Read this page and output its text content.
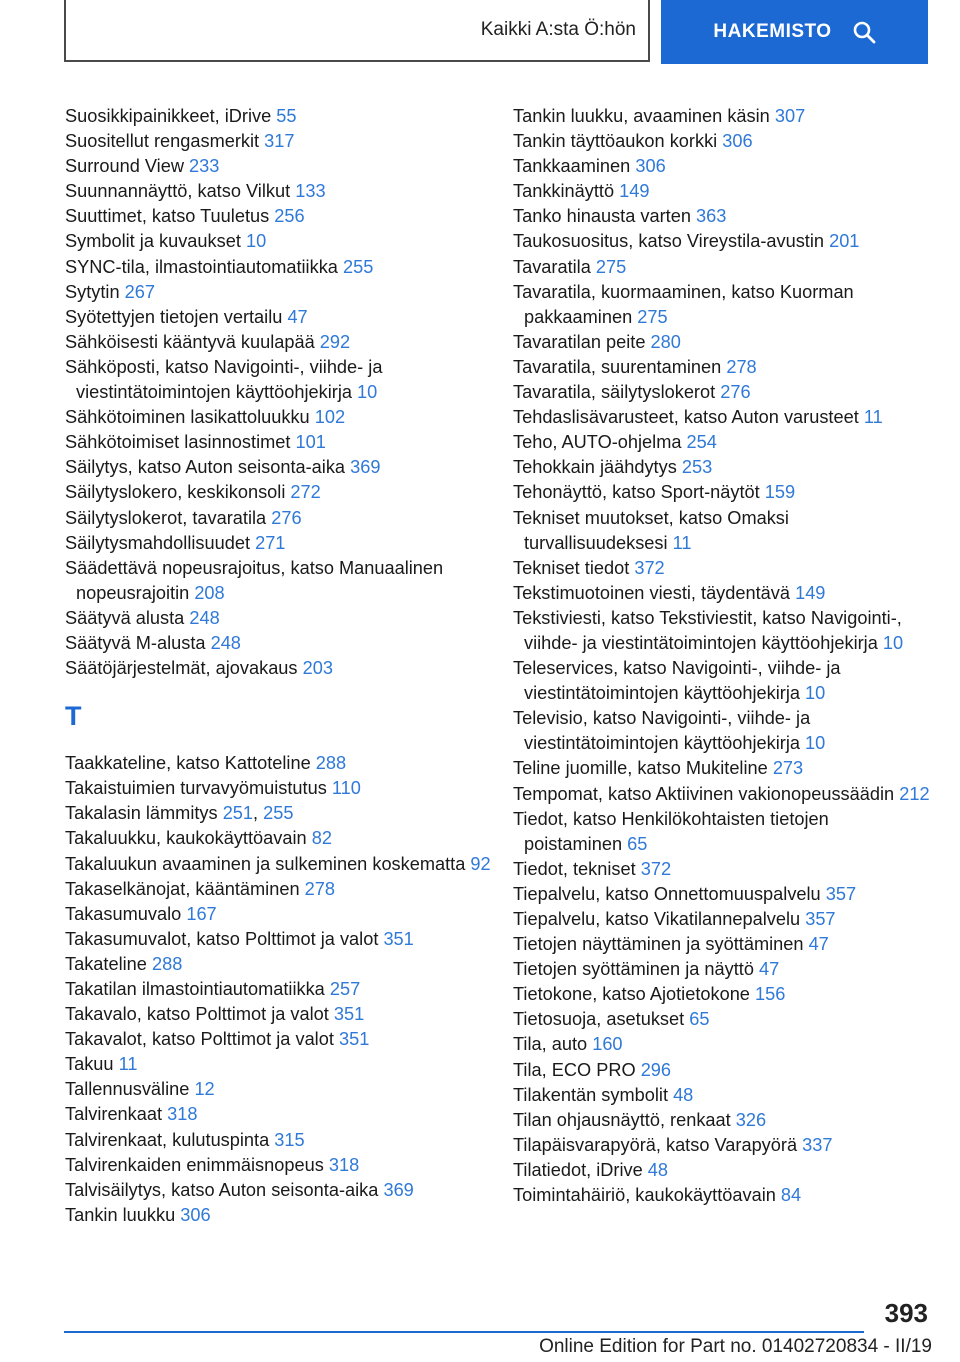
Kaikki A:sta Ö:hön	HAKEMISTO
Suosikkipainikkeet, iDrive 55
Suositellut rengasmerkit 317
Surround View 233
Suunnannäyttö, katso Vilkut 133
Suuttimet, katso Tuuletus 256
Symbolit ja kuvaukset 10
SYNC-tila, ilmastointiautomatiikka 255
Sytytin 267
Syötettyjen tietojen vertailu 47
Sähköisesti kääntyvä kuulapää 292
Sähköposti, katso Navigointi-, viihde- ja viestintätoimintojen käyttöohjekirja 10
Sähkötoiminen lasikattoluukku 102
Sähkötoimiset lasinnostimet 101
Säilytys, katso Auton seisonta-aika 369
Säilytyslokero, keskikonsoli 272
Säilytyslokerot, tavaratila 276
Säilytysmahdollisuudet 271
Säädettävä nopeusrajoitus, katso Manuaalinen nopeusrajoitin 208
Säätyvä alusta 248
Säätyvä M-alusta 248
Säätöjärjestelmät, ajovakaus 203
T
Taakkateline, katso Kattoteline 288
Takaistuimien turvavyömuistutus 110
Takalasin lämmitys 251, 255
Takaluukku, kaukokäyttöavain 82
Takaluukun avaaminen ja sulkeminen koskematta 92
Takaselkänojat, kääntäminen 278
Takasumuvalo 167
Takasumuvalot, katso Polttimot ja valot 351
Takateline 288
Takatilan ilmastointiautomatiikka 257
Takavalo, katso Polttimot ja valot 351
Takavalot, katso Polttimot ja valot 351
Takuu 11
Tallennusväline 12
Talvirenkaat 318
Talvirenkaat, kulutuspinta 315
Talvirenkaiden enimmäisnopeus 318
Talvisäilytys, katso Auton seisonta-aika 369
Tankin luukku 306
Tankin luukku, avaaminen käsin 307
Tankin täyttöaukon korkki 306
Tankkaaminen 306
Tankkinäyttö 149
Tanko hinausta varten 363
Taukosuositus, katso Vireystila-avustin 201
Tavaratila 275
Tavaratila, kuormaaminen, katso Kuorman pakkaaminen 275
Tavaratilan peite 280
Tavaratila, suurentaminen 278
Tavaratila, säilytyslokerot 276
Tehdaslisävarusteet, katso Auton varusteet 11
Teho, AUTO-ohjelma 254
Tehokkain jäähdytys 253
Tehonäyttö, katso Sport-näytöt 159
Tekniset muutokset, katso Omaksi turvallisuudeksesi 11
Tekniset tiedot 372
Tekstimuotoinen viesti, täydentävä 149
Tekstiviesti, katso Tekstiviestit, katso Navigointi-, viihde- ja viestintätoimintojen käyttöohjekirja 10
Teleservices, katso Navigointi-, viihde- ja viestintätoimintojen käyttöohjekirja 10
Televisio, katso Navigointi-, viihde- ja viestintätoimintojen käyttöohjekirja 10
Teline juomille, katso Mukiteline 273
Tempomat, katso Aktiivinen vakionopeussäädin 212
Tiedot, katso Henkilökohtaisten tietojen poistaminen 65
Tiedot, tekniset 372
Tiepalvelu, katso Onnettomuuspalvelu 357
Tiepalvelu, katso Vikatilannepalvelu 357
Tietojen näyttäminen ja syöttäminen 47
Tietojen syöttäminen ja näyttö 47
Tietokone, katso Ajotietokone 156
Tietosuoja, asetukset 65
Tila, auto 160
Tila, ECO PRO 296
Tilakentän symbolit 48
Tilan ohjausnäyttö, renkaat 326
Tilapäisvarapyörä, katso Varapyörä 337
Tilatiedot, iDrive 48
Toimintahäiriö, kaukokäyttöavain 84
393
Online Edition for Part no. 01402720834 - II/19
